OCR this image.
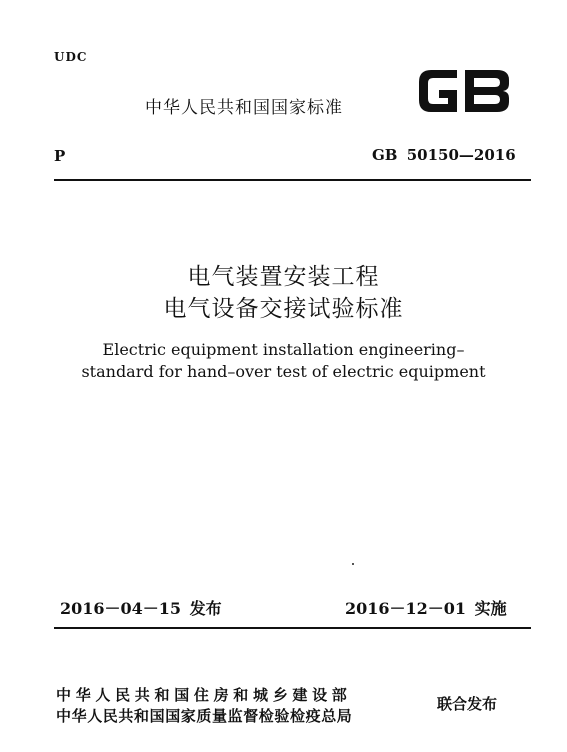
UDC
中华人民共和国国家标准
P	GB 50150—2016
电气装置安装工程
电气设备交接试验标准
Electric equipment installation engineering–
standard for hand–over test of electric equipment
2016－04－15 发布	2016－12－01 实施
中华人民共和国住房和城乡建设部
中华人民共和国国家质量监督检验检疫总局
联合发布
